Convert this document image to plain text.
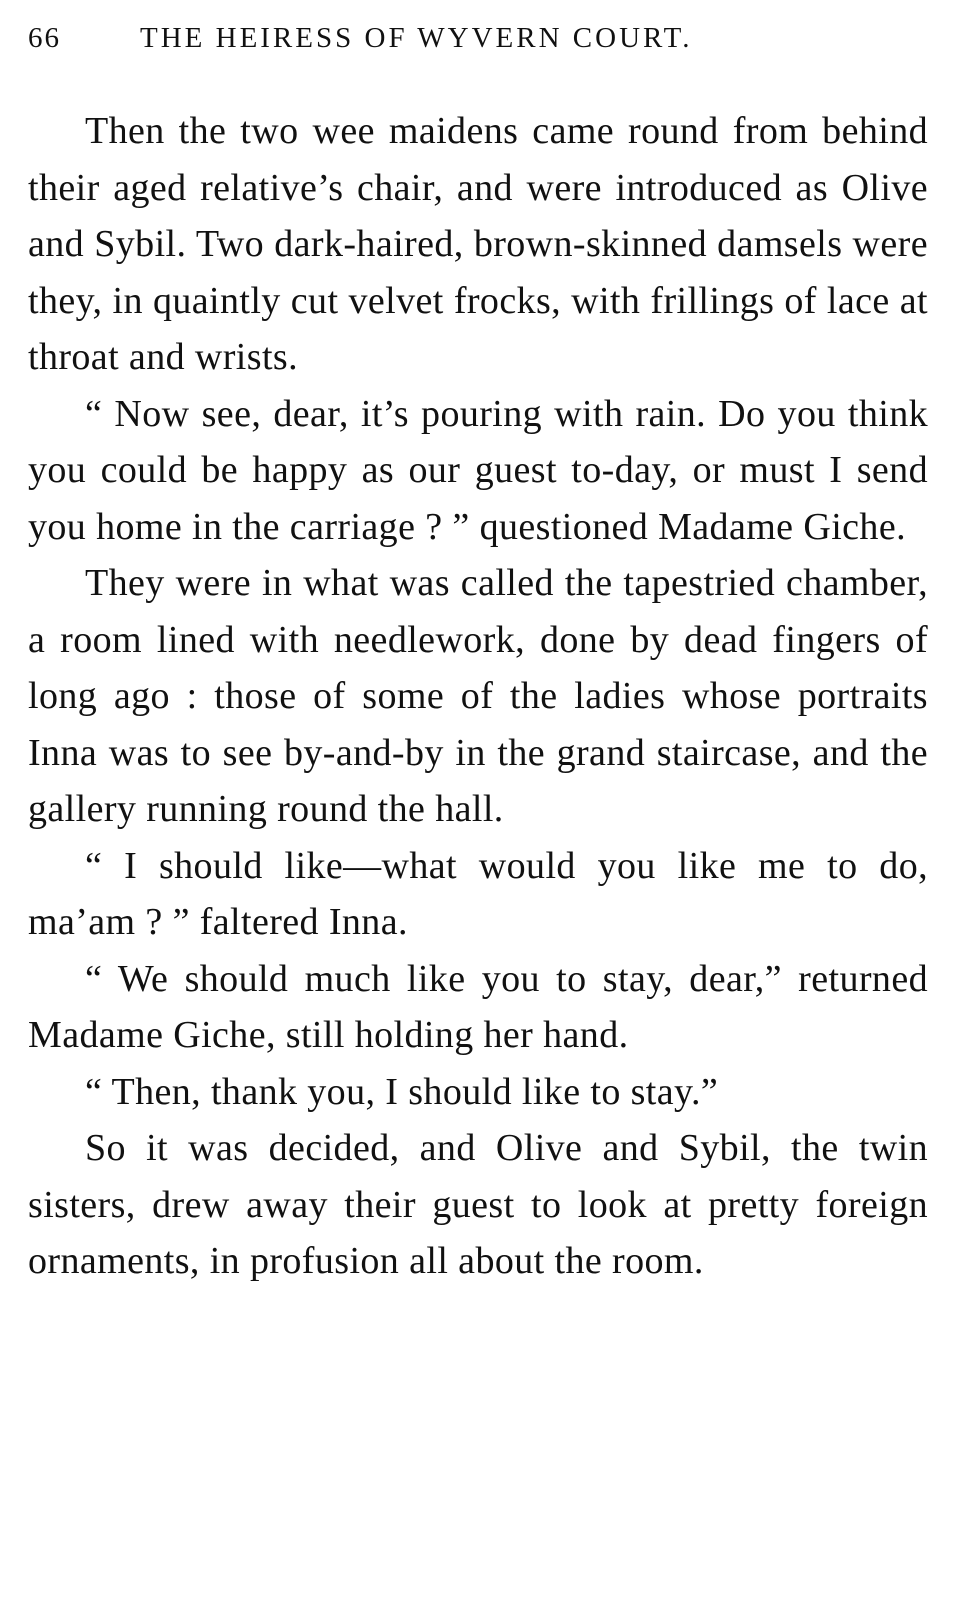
66	THE HEIRESS OF WYVERN COURT.

Then the two wee maidens came round from behind their aged relative’s chair, and were introduced as Olive and Sybil. Two dark-haired, brown-skinned damsels were they, in quaintly cut velvet frocks, with frillings of lace at throat and wrists.

“ Now see, dear, it’s pouring with rain. Do you think you could be happy as our guest to-day, or must I send you home in the carriage ? ” questioned Madame Giche.

They were in what was called the tapestried chamber, a room lined with needlework, done by dead fingers of long ago : those of some of the ladies whose portraits Inna was to see by-and-by in the grand staircase, and the gallery running round the hall.

“ I should like—what would you like me to do, ma’am ? ” faltered Inna.

“ We should much like you to stay, dear,” returned Madame Giche, still holding her hand.

“ Then, thank you, I should like to stay.”

So it was decided, and Olive and Sybil, the twin sisters, drew away their guest to look at pretty foreign ornaments, in profusion all about the room.
